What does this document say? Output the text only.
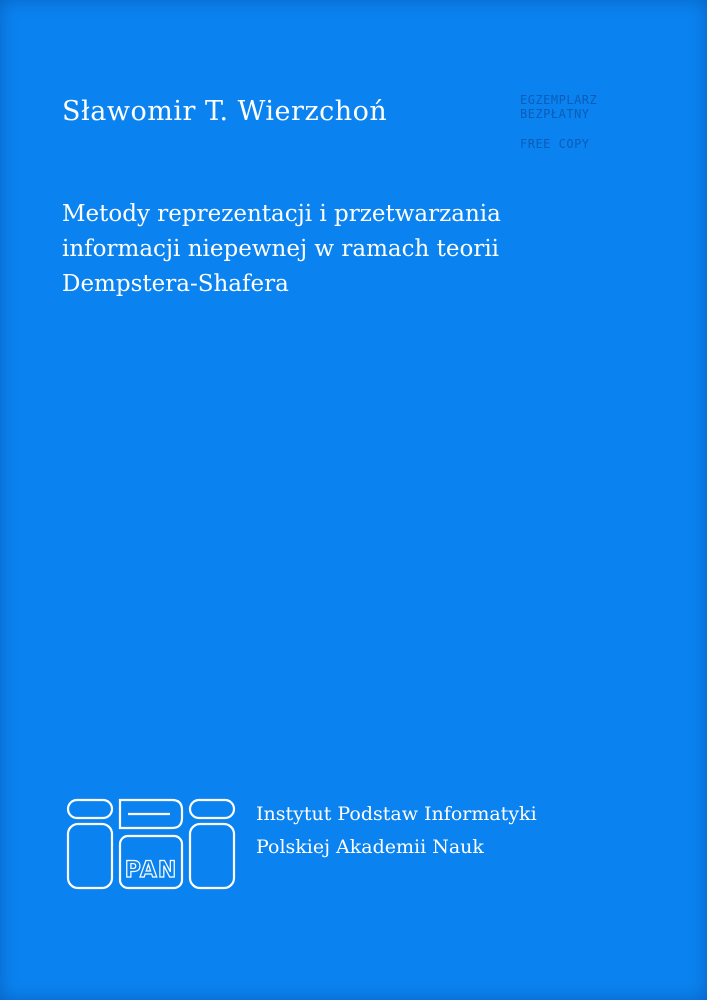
Sławomir T. Wierzchoń	EGZEMPLARZ
BEZPŁATNY
FREE COPY
Metody reprezentacji i przetwarzania
informacji niepewnej w ramach teorii
Dempstera-Shafera
PAN
Instytut Podstaw Informatyki
Polskiej Akademii Nauk
